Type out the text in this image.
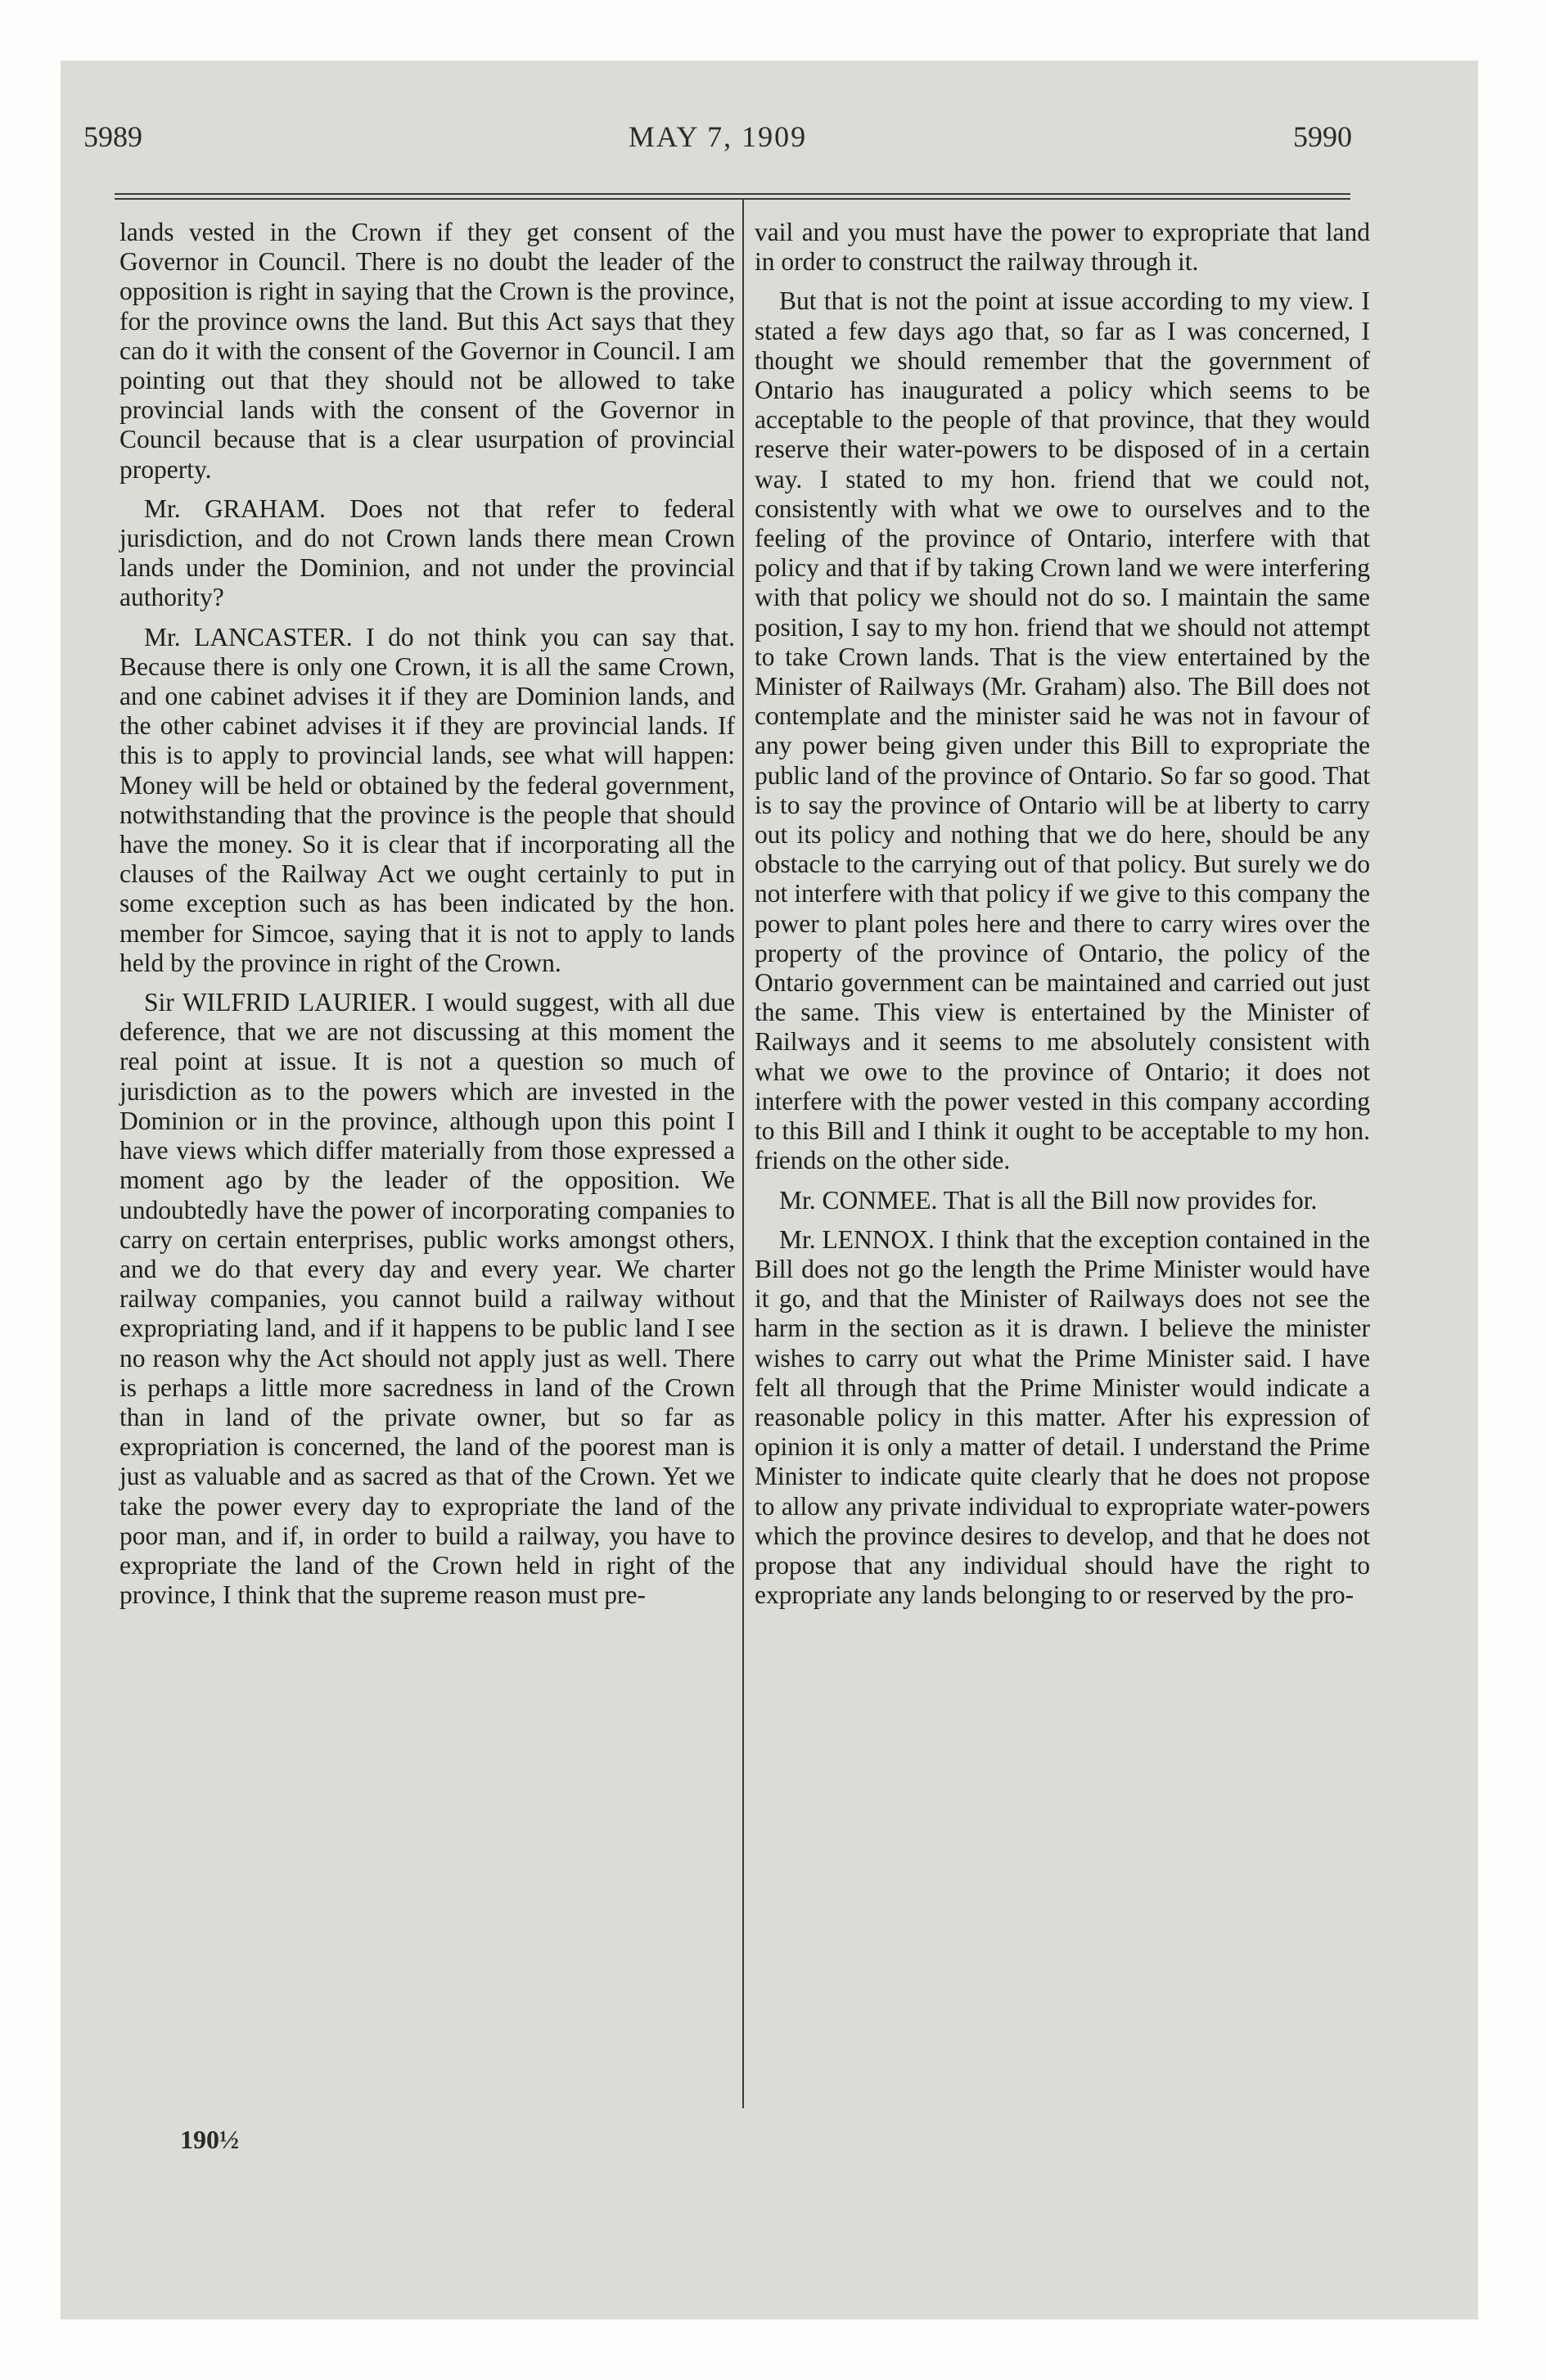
5989	MAY 7, 1909	5990

lands vested in the Crown if they get consent of the Governor in Council. There is no doubt the leader of the opposition is right in saying that the Crown is the province, for the province owns the land. But this Act says that they can do it with the consent of the Governor in Council. I am pointing out that they should not be allowed to take provincial lands with the consent of the Governor in Council because that is a clear usurpation of provincial property.

Mr. GRAHAM. Does not that refer to federal jurisdiction, and do not Crown lands there mean Crown lands under the Dominion, and not under the provincial authority?

Mr. LANCASTER. I do not think you can say that. Because there is only one Crown, it is all the same Crown, and one cabinet advises it if they are Dominion lands, and the other cabinet advises it if they are provincial lands. If this is to apply to provincial lands, see what will happen: Money will be held or obtained by the federal government, notwithstanding that the province is the people that should have the money. So it is clear that if incorporating all the clauses of the Railway Act we ought certainly to put in some exception such as has been indicated by the hon. member for Simcoe, saying that it is not to apply to lands held by the province in right of the Crown.

Sir WILFRID LAURIER. I would suggest, with all due deference, that we are not discussing at this moment the real point at issue. It is not a question so much of jurisdiction as to the powers which are invested in the Dominion or in the province, although upon this point I have views which differ materially from those expressed a moment ago by the leader of the opposition. We undoubtedly have the power of incorporating companies to carry on certain enterprises, public works amongst others, and we do that every day and every year. We charter railway companies, you cannot build a railway without expropriating land, and if it happens to be public land I see no reason why the Act should not apply just as well. There is perhaps a little more sacredness in land of the Crown than in land of the private owner, but so far as expropriation is concerned, the land of the poorest man is just as valuable and as sacred as that of the Crown. Yet we take the power every day to expropriate the land of the poor man, and if, in order to build a railway, you have to expropriate the land of the Crown held in right of the province, I think that the supreme reason must pre-

vail and you must have the power to expropriate that land in order to construct the railway through it.

But that is not the point at issue according to my view. I stated a few days ago that, so far as I was concerned, I thought we should remember that the government of Ontario has inaugurated a policy which seems to be acceptable to the people of that province, that they would reserve their water-powers to be disposed of in a certain way. I stated to my hon. friend that we could not, consistently with what we owe to ourselves and to the feeling of the province of Ontario, interfere with that policy and that if by taking Crown land we were interfering with that policy we should not do so. I maintain the same position, I say to my hon. friend that we should not attempt to take Crown lands. That is the view entertained by the Minister of Railways (Mr. Graham) also. The Bill does not contemplate and the minister said he was not in favour of any power being given under this Bill to expropriate the public land of the province of Ontario. So far so good. That is to say the province of Ontario will be at liberty to carry out its policy and nothing that we do here, should be any obstacle to the carrying out of that policy. But surely we do not interfere with that policy if we give to this company the power to plant poles here and there to carry wires over the property of the province of Ontario, the policy of the Ontario government can be maintained and carried out just the same. This view is entertained by the Minister of Railways and it seems to me absolutely consistent with what we owe to the province of Ontario; it does not interfere with the power vested in this company according to this Bill and I think it ought to be acceptable to my hon. friends on the other side.

Mr. CONMEE. That is all the Bill now provides for.

Mr. LENNOX. I think that the exception contained in the Bill does not go the length the Prime Minister would have it go, and that the Minister of Railways does not see the harm in the section as it is drawn. I believe the minister wishes to carry out what the Prime Minister said. I have felt all through that the Prime Minister would indicate a reasonable policy in this matter. After his expression of opinion it is only a matter of detail. I understand the Prime Minister to indicate quite clearly that he does not propose to allow any private individual to expropriate water-powers which the province desires to develop, and that he does not propose that any individual should have the right to expropriate any lands belonging to or reserved by the pro-

190½
